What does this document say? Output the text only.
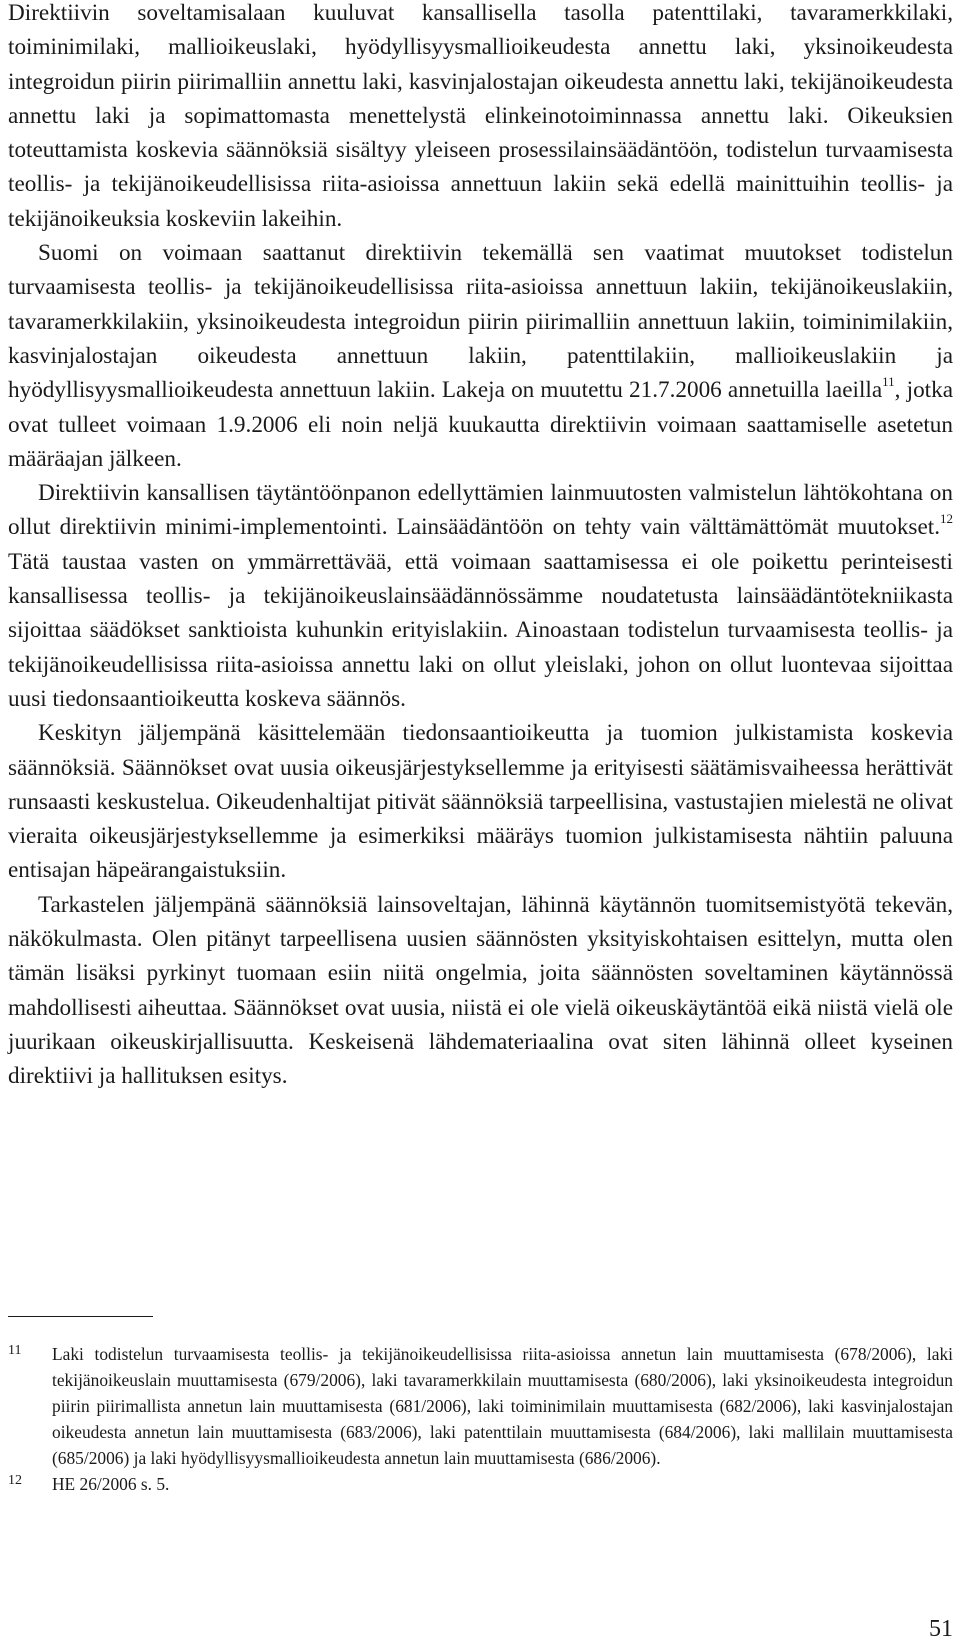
Direktiivin soveltamisalaan kuuluvat kansallisella tasolla patenttilaki, tavaramerkkilaki, toiminimilaki, mallioikeuslaki, hyödyllisyysmallioikeudesta annettu laki, yksinoikeudesta integroidun piirin piirimalliin annettu laki, kasvinjalostajan oikeudesta annettu laki, tekijänoikeudesta annettu laki ja sopimattomasta menettelystä elinkeinotoiminnassa annettu laki. Oikeuksien toteuttamista koskevia säännöksiä sisältyy yleiseen prosessilainsäädäntöön, todistelun turvaamisesta teollis- ja tekijänoikeudellisissa riita-asioissa annettuun lakiin sekä edellä mainittuihin teollis- ja tekijänoikeuksia koskeviin lakeihin.

Suomi on voimaan saattanut direktiivin tekemällä sen vaatimat muutokset todistelun turvaamisesta teollis- ja tekijänoikeudellisissa riita-asioissa annettuun lakiin, tekijänoikeuslakiin, tavaramerkkilakiin, yksinoikeudesta integroidun piirin piirimalliin annettuun lakiin, toiminimilakiin, kasvinjalostajan oikeudesta annettuun lakiin, patenttilakiin, mallioikeuslakiin ja hyödyllisyysmallioikeudesta annettuun lakiin. Lakeja on muutettu 21.7.2006 annetuilla laeilla$^{11}$, jotka ovat tulleet voimaan 1.9.2006 eli noin neljä kuukautta direktiivin voimaan saattamiselle asetetun määräajan jälkeen.

Direktiivin kansallisen täytäntöönpanon edellyttämien lainmuutosten valmistelun lähtökohtana on ollut direktiivin minimi-implementointi. Lainsäädäntöön on tehty vain välttämättömät muutokset.$^{12}$ Tätä taustaa vasten on ymmärrettävää, että voimaan saattamisessa ei ole poikettu perinteisesti kansallisessa teollis- ja tekijänoikeuslainsäädännössämme noudatetusta lainsäädäntötekniikasta sijoittaa säädökset sanktioista kuhunkin erityislakiin. Ainoastaan todistelun turvaamisesta teollis- ja tekijänoikeudellisissa riita-asioissa annettu laki on ollut yleislaki, johon on ollut luontevaa sijoittaa uusi tiedonsaantioikeutta koskeva säännös.

Keskityn jäljempänä käsittelemään tiedonsaantioikeutta ja tuomion julkistamista koskevia säännöksiä. Säännökset ovat uusia oikeusjärjestyksellemme ja erityisesti säätämisvaiheessa herättivät runsaasti keskustelua. Oikeudenhaltijat pitivät säännöksiä tarpeellisina, vastustajien mielestä ne olivat vieraita oikeusjärjestyksellemme ja esimerkiksi määräys tuomion julkistamisesta nähtiin paluuna entisajan häpeärangaistuksiin.

Tarkastelen jäljempänä säännöksiä lainsoveltajan, lähinnä käytännön tuomitsemistyötä tekevän, näkökulmasta. Olen pitänyt tarpeellisena uusien säännösten yksityiskohtaisen esittelyn, mutta olen tämän lisäksi pyrkinyt tuomaan esiin niitä ongelmia, joita säännösten soveltaminen käytännössä mahdollisesti aiheuttaa. Säännökset ovat uusia, niistä ei ole vielä oikeuskäytäntöä eikä niistä vielä ole juurikaan oikeuskirjallisuutta. Keskeisenä lähdemateriaalina ovat siten lähinnä olleet kyseinen direktiivi ja hallituksen esitys.

11 Laki todistelun turvaamisesta teollis- ja tekijänoikeudellisissa riita-asioissa annetun lain muuttamisesta (678/2006), laki tekijänoikeuslain muuttamisesta (679/2006), laki tavaramerkkilain muuttamisesta (680/2006), laki yksinoikeudesta integroidun piirin piirimallista annetun lain muuttamisesta (681/2006), laki toiminimilain muuttamisesta (682/2006), laki kasvinjalostajan oikeudesta annetun lain muuttamisesta (683/2006), laki patenttilain muuttamisesta (684/2006), laki mallilain muuttamisesta (685/2006) ja laki hyödyllisyysmallioikeudesta annetun lain muuttamisesta (686/2006).

12 HE 26/2006 s. 5.

51
